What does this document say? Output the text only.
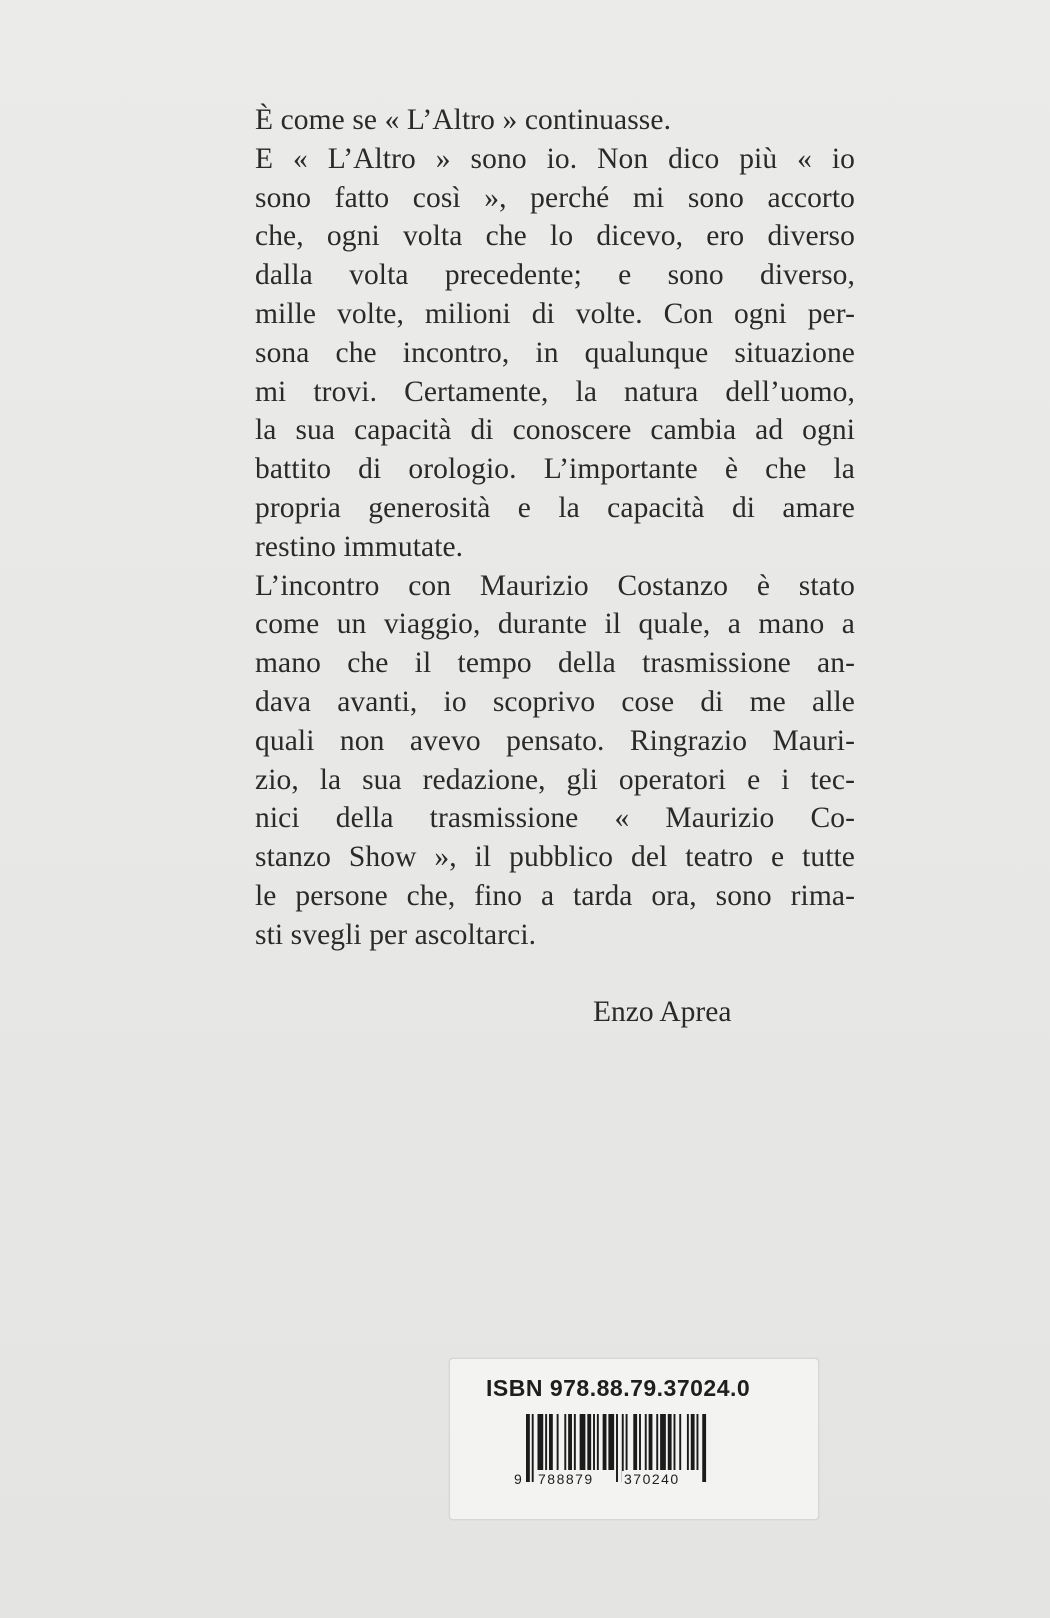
È come se « L’Altro » continuasse.
E « L’Altro » sono io. Non dico più « io
sono fatto così », perché mi sono accorto
che, ogni volta che lo dicevo, ero diverso
dalla volta precedente; e sono diverso,
mille volte, milioni di volte. Con ogni per-
sona che incontro, in qualunque situazione
mi trovi. Certamente, la natura dell’uomo,
la sua capacità di conoscere cambia ad ogni
battito di orologio. L’importante è che la
propria generosità e la capacità di amare
restino immutate.
L’incontro con Maurizio Costanzo è stato
come un viaggio, durante il quale, a mano a
mano che il tempo della trasmissione an-
dava avanti, io scoprivo cose di me alle
quali non avevo pensato. Ringrazio Mauri-
zio, la sua redazione, gli operatori e i tec-
nici della trasmissione « Maurizio Co-
stanzo Show », il pubblico del teatro e tutte
le persone che, fino a tarda ora, sono rima-
sti svegli per ascoltarci.
Enzo Aprea
ISBN 978.88.79.37024.0
9 788879 370240
